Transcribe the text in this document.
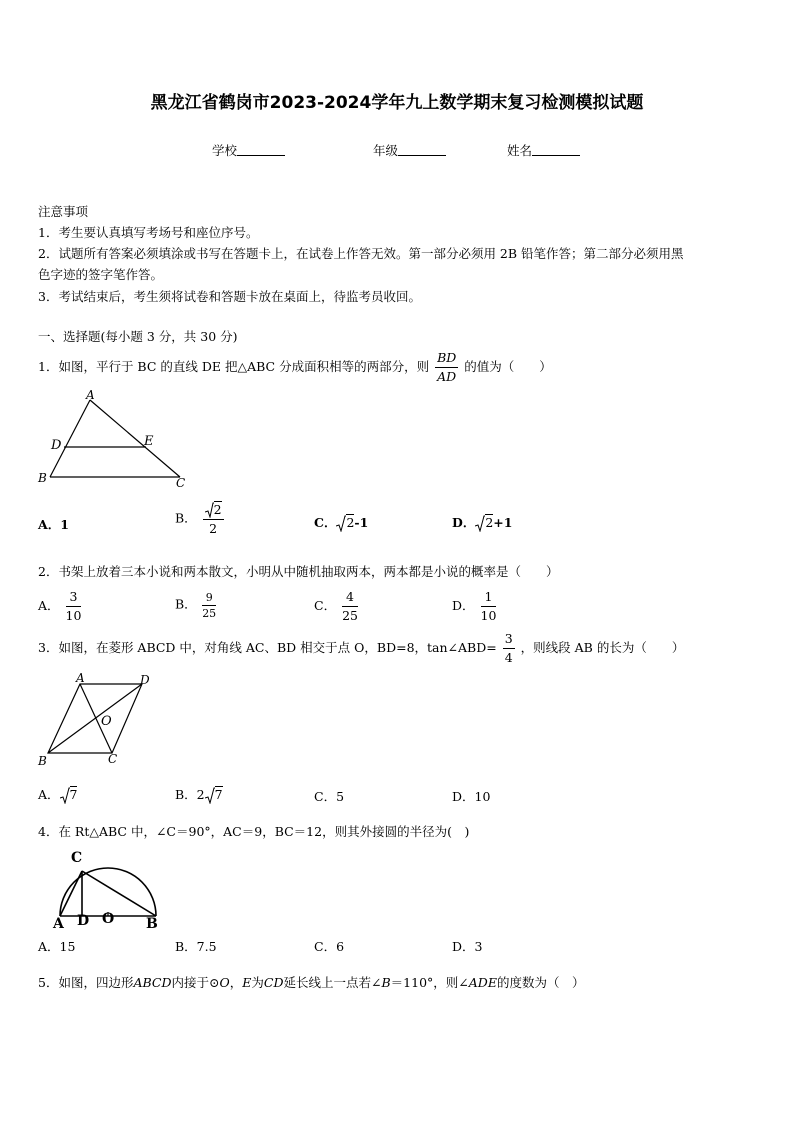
黑龙江省鹤岗市2023-2024学年九上数学期末复习检测模拟试题
学校	年级	姓名
注意事项
1．考生要认真填写考场号和座位序号。
2．试题所有答案必须填涂或书写在答题卡上，在试卷上作答无效。第一部分必须用 2B 铅笔作答；第二部分必须用黑
色字迹的签字笔作答。
3．考试结束后，考生须将试卷和答题卡放在桌面上，待监考员收回。
一、选择题(每小题 3 分，共 30 分)
1．如图，平行于 BC 的直线 DE 把△ABC 分成面积相等的两部分，则 $\frac{BD}{AD}$ 的值为（　　）
A
D	E
B	C
A．1	B． $\frac{2}{2}$	C． 2-1	D． 2+1
2．书架上放着三本小说和两本散文，小明从中随机抽取两本，两本都是小说的概率是（　　）
A． $\frac{3}{10}$	B． $\frac{9}{25}$	C． $\frac{4}{25}$	D． $\frac{1}{10}$
3．如图，在菱形 ABCD 中，对角线 AC、BD 相交于点 O，BD=8，tan∠ABD= $\frac{3}{4}$ ，则线段 AB 的长为（　　）
A	D
O
B	C
A． 7	B．2 7	C．5	D．10
4．在 Rt△ABC 中，∠C＝90°，AC＝9，BC＝12，则其外接圆的半径为(　)
C
A D O B
A．15	B．7.5	C．6	D．3
5．如图，四边形ABCD内接于⊙O，E为CD延长线上一点若∠B＝110°，则∠ADE的度数为（　）
